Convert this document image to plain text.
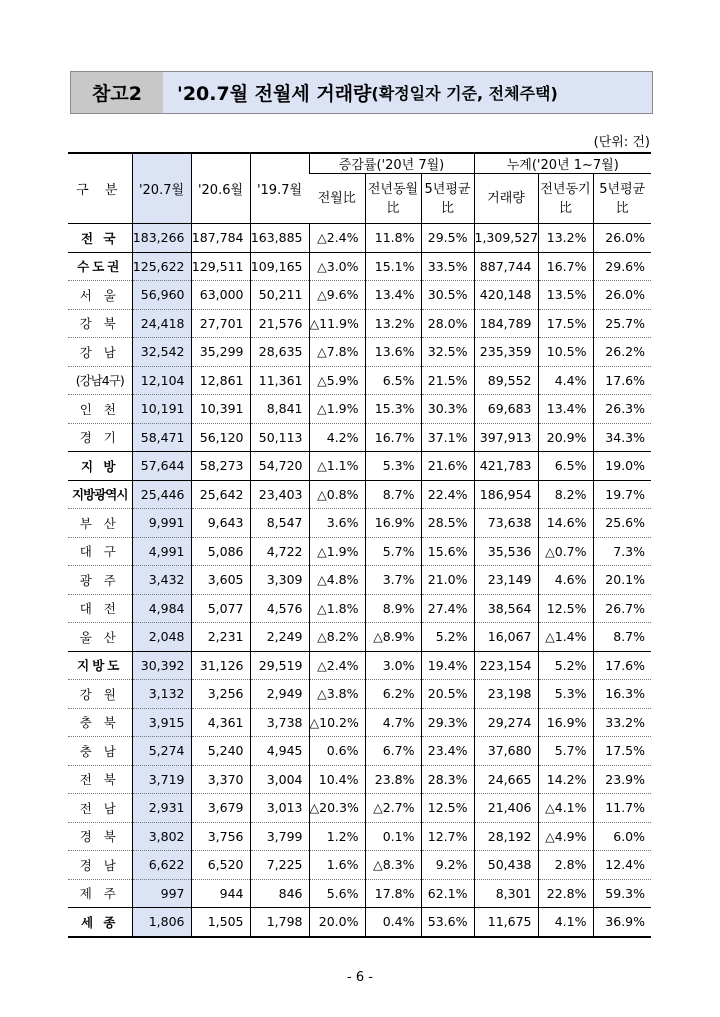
참고2	'20.7월 전월세 거래량 (확정일자 기준, 전체주택)
(단위: 건)
구 분	'20.7월	'20.6월	'19.7월	증감률('20년 7월)			누계('20년 1∼7월)		
				전월比	전년동월比	5년평균比	거래량	전년동기比	5년평균比
전 국	183,266	187,784	163,885	△2.4%	11.8%	29.5%	1,309,527	13.2%	26.0%
수도권	125,622	129,511	109,165	△3.0%	15.1%	33.5%	887,744	16.7%	29.6%
서 울	56,960	63,000	50,211	△9.6%	13.4%	30.5%	420,148	13.5%	26.0%
강 북	24,418	27,701	21,576	△11.9%	13.2%	28.0%	184,789	17.5%	25.7%
강 남	32,542	35,299	28,635	△7.8%	13.6%	32.5%	235,359	10.5%	26.2%
(강남4구)	12,104	12,861	11,361	△5.9%	6.5%	21.5%	89,552	4.4%	17.6%
인 천	10,191	10,391	8,841	△1.9%	15.3%	30.3%	69,683	13.4%	26.3%
경 기	58,471	56,120	50,113	4.2%	16.7%	37.1%	397,913	20.9%	34.3%
지 방	57,644	58,273	54,720	△1.1%	5.3%	21.6%	421,783	6.5%	19.0%
지방광역시	25,446	25,642	23,403	△0.8%	8.7%	22.4%	186,954	8.2%	19.7%
부 산	9,991	9,643	8,547	3.6%	16.9%	28.5%	73,638	14.6%	25.6%
대 구	4,991	5,086	4,722	△1.9%	5.7%	15.6%	35,536	△0.7%	7.3%
광 주	3,432	3,605	3,309	△4.8%	3.7%	21.0%	23,149	4.6%	20.1%
대 전	4,984	5,077	4,576	△1.8%	8.9%	27.4%	38,564	12.5%	26.7%
울 산	2,048	2,231	2,249	△8.2%	△8.9%	5.2%	16,067	△1.4%	8.7%
지방도	30,392	31,126	29,519	△2.4%	3.0%	19.4%	223,154	5.2%	17.6%
강 원	3,132	3,256	2,949	△3.8%	6.2%	20.5%	23,198	5.3%	16.3%
충 북	3,915	4,361	3,738	△10.2%	4.7%	29.3%	29,274	16.9%	33.2%
충 남	5,274	5,240	4,945	0.6%	6.7%	23.4%	37,680	5.7%	17.5%
전 북	3,719	3,370	3,004	10.4%	23.8%	28.3%	24,665	14.2%	23.9%
전 남	2,931	3,679	3,013	△20.3%	△2.7%	12.5%	21,406	△4.1%	11.7%
경 북	3,802	3,756	3,799	1.2%	0.1%	12.7%	28,192	△4.9%	6.0%
경 남	6,622	6,520	7,225	1.6%	△8.3%	9.2%	50,438	2.8%	12.4%
제 주	997	944	846	5.6%	17.8%	62.1%	8,301	22.8%	59.3%
세 종	1,806	1,505	1,798	20.0%	0.4%	53.6%	11,675	4.1%	36.9%
- 6 -
